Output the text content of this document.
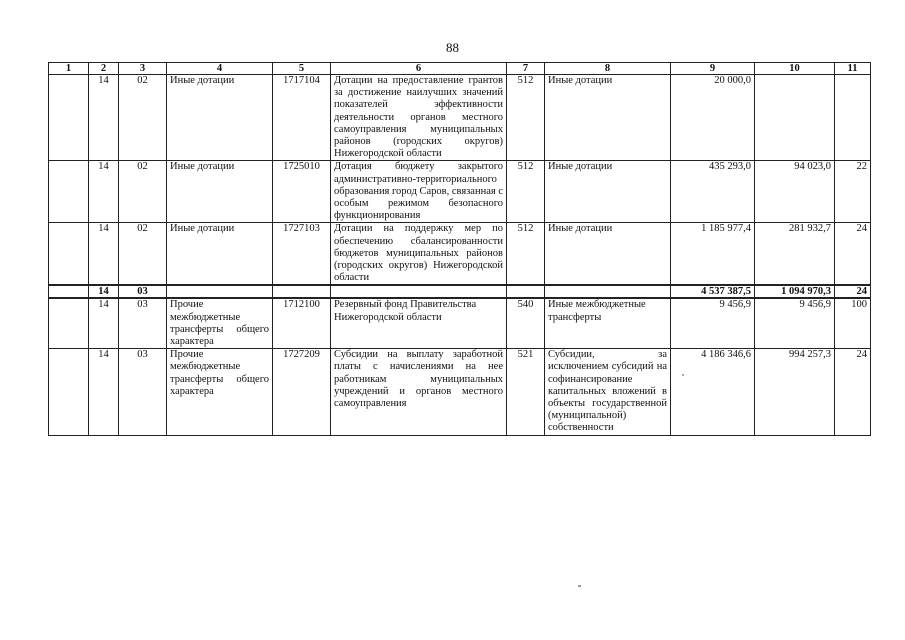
88
1	2	3	4	5	6	7	8	9	10	11
	14	02	Иные дотации	1717104	Дотации на предоставление грантов за достижение наилучших значений показателей эффективности деятельности органов местного самоуправления муниципальных районов (городских округов) Нижегородской области	512	Иные дотации	20 000,0		
	14	02	Иные дотации	1725010	Дотация бюджету закрытого административно-территориального образования город Саров, связанная с особым режимом безопасного функционирования	512	Иные дотации	435 293,0	94 023,0	22
	14	02	Иные дотации	1727103	Дотации на поддержку мер по обеспечению сбалансированности бюджетов муниципальных районов (городских округов) Нижегородской области	512	Иные дотации	1 185 977,4	281 932,7	24
	14	03						4 537 387,5	1 094 970,3	24
	14	03	Прочие межбюджетные трансферты общего характера	1712100	Резервный фонд Правительства Нижегородской области	540	Иные межбюджетные трансферты	9 456,9	9 456,9	100
	14	03	Прочие межбюджетные трансферты общего характера	1727209	Субсидии на выплату заработной платы с начислениями на нее работникам муниципальных учреждений и органов местного самоуправления	521	Субсидии, за исключением субсидий на софинансирование капитальных вложений в объекты государственной (муниципальной) собственности	4 186 346,6	994 257,3	24
